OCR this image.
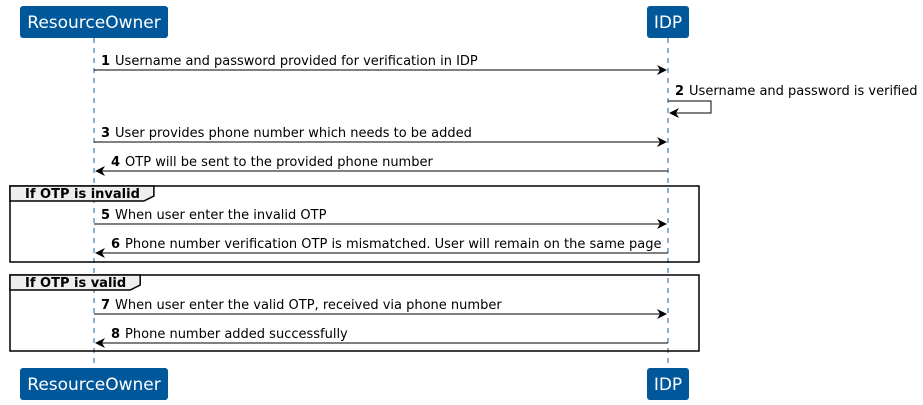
If OTP is invalid
If OTP is valid
1 Username and password provided for verification in IDP
2 Username and password is verified
3 User provides phone number which needs to be added
4 OTP will be sent to the provided phone number
5 When user enter the invalid OTP
6 Phone number verification OTP is mismatched. User will remain on the same page
7 When user enter the valid OTP, received via phone number
8 Phone number added successfully
ResourceOwner
ResourceOwner
IDP
IDP
